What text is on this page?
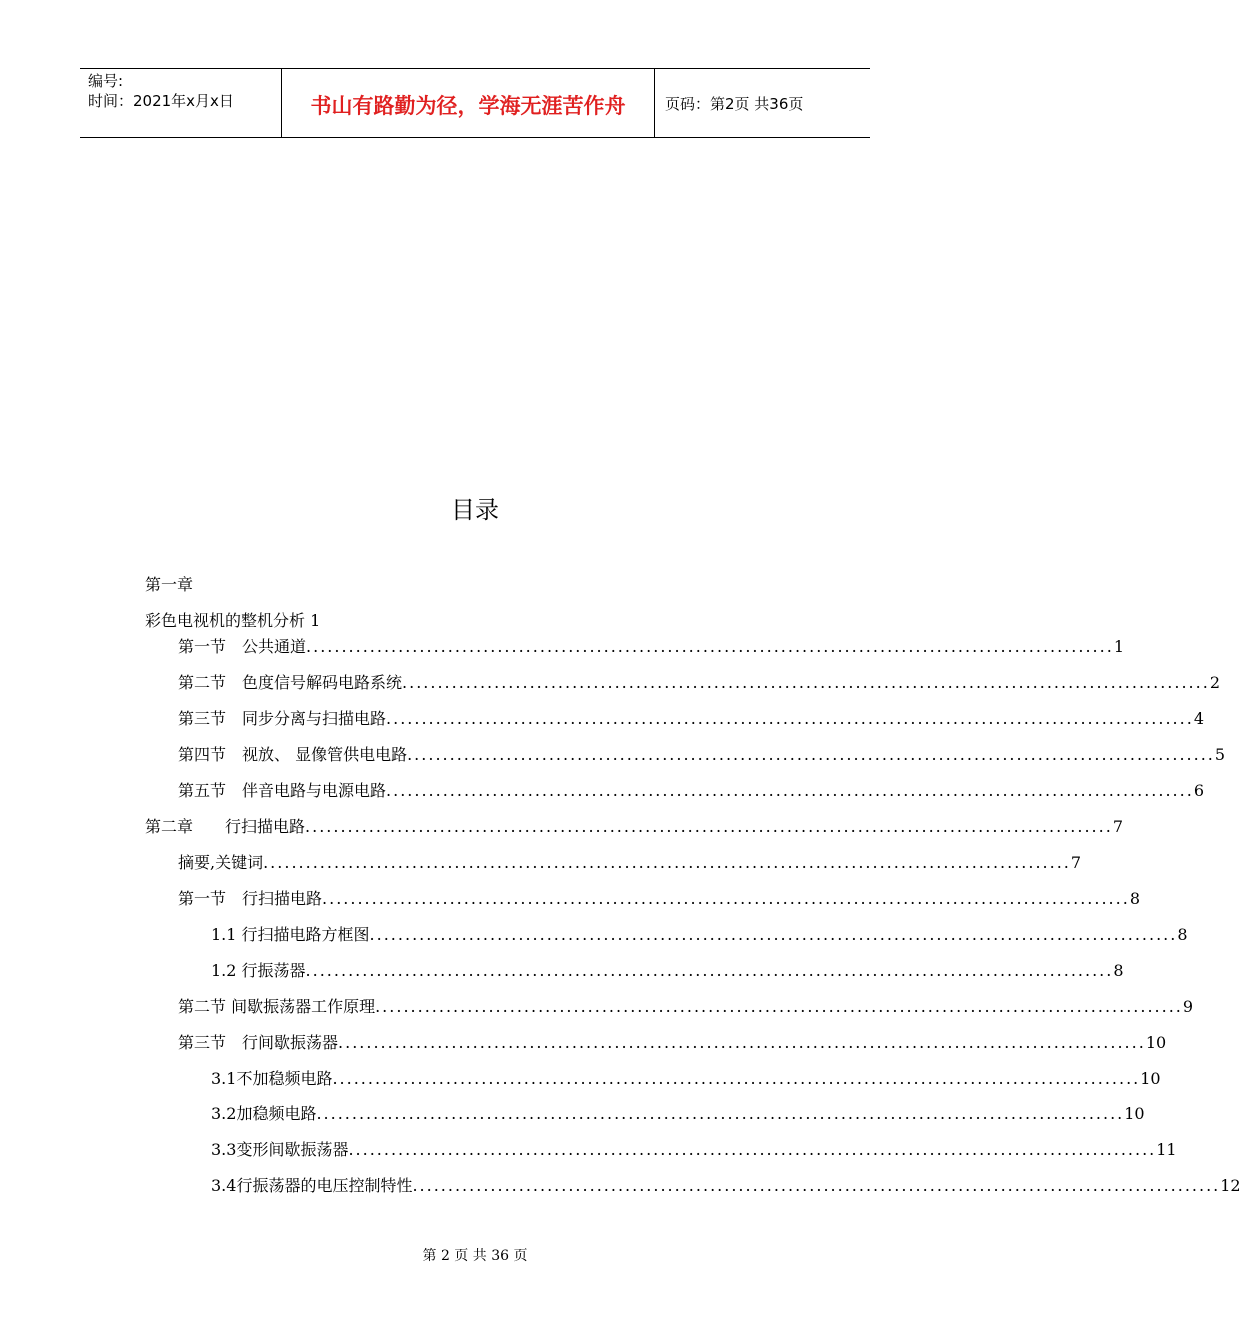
编号:
时间：2021年x月x日	书山有路勤为径，学海无涯苦作舟	页码：第2页 共36页
目录
第一章
彩色电视机的整机分析 1
第一节　公共通道 .................................................................................................................. 1
第二节　色度信号解码电路系统 .................................................................................................................. 2
第三节　同步分离与扫描电路 .................................................................................................................. 4
第四节　视放、 显像管供电电路 .................................................................................................................. 5
第五节　伴音电路与电源电路 .................................................................................................................. 6
第二章　　行扫描电路 .................................................................................................................. 7
摘要,关键词 .................................................................................................................. 7
第一节　行扫描电路 .................................................................................................................. 8
1.1 行扫描电路方框图 .................................................................................................................. 8
1.2 行振荡器 .................................................................................................................. 8
第二节 间歇振荡器工作原理 .................................................................................................................. 9
第三节　行间歇振荡器 .................................................................................................................. 10
3.1不加稳频电路 .................................................................................................................. 10
3.2加稳频电路 .................................................................................................................. 10
3.3变形间歇振荡器 .................................................................................................................. 11
3.4行振荡器的电压控制特性 .................................................................................................................. 12
第 2 页 共 36 页
